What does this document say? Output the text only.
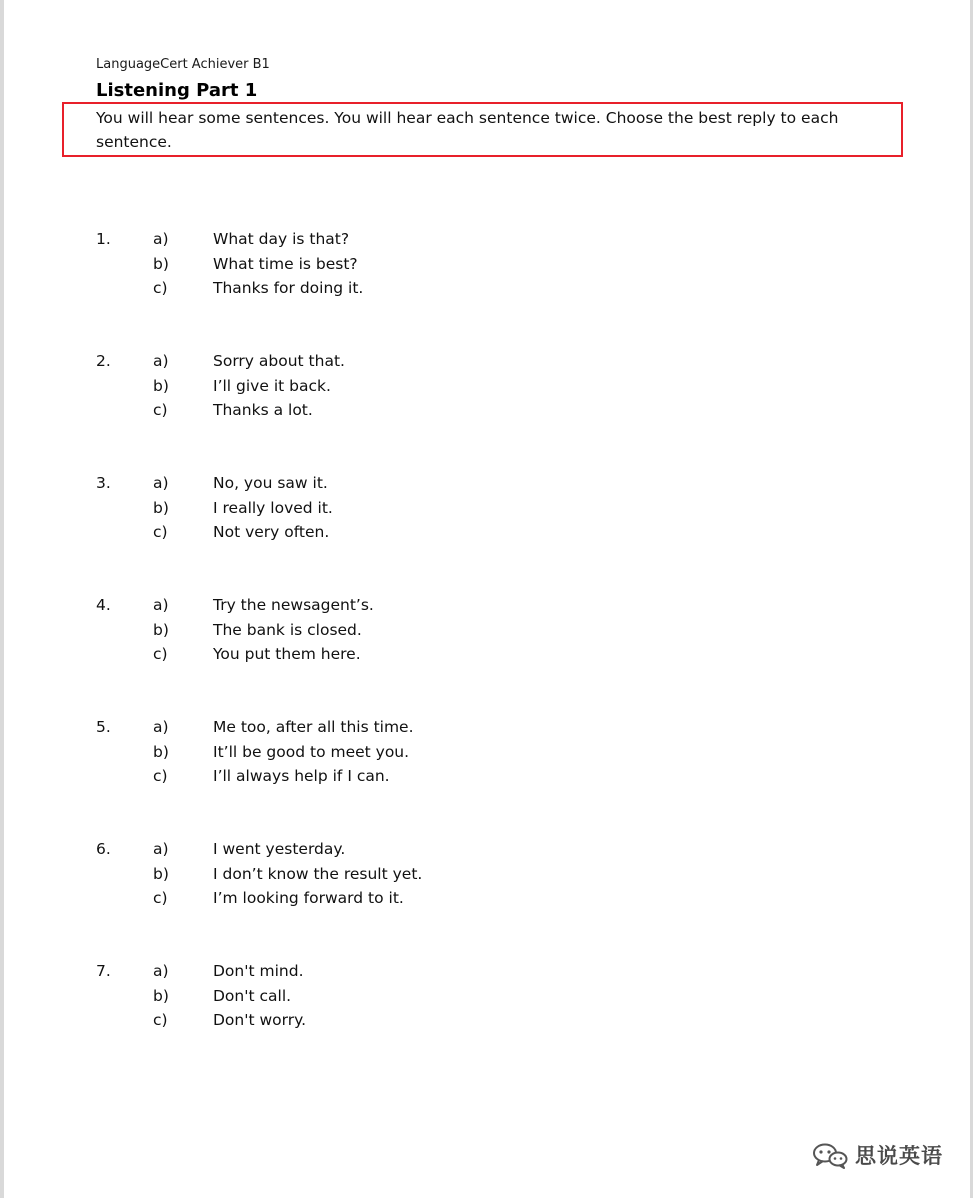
LanguageCert Achiever B1
Listening Part 1
You will hear some sentences. You will hear each sentence twice. Choose the best reply to each sentence.
1.	a)	What day is that?
b)	What time is best?
c)	Thanks for doing it.
2.	a)	Sorry about that.
b)	I’ll give it back.
c)	Thanks a lot.
3.	a)	No, you saw it.
b)	I really loved it.
c)	Not very often.
4.	a)	Try the newsagent’s.
b)	The bank is closed.
c)	You put them here.
5.	a)	Me too, after all this time.
b)	It’ll be good to meet you.
c)	I’ll always help if I can.
6.	a)	I went yesterday.
b)	I don’t know the result yet.
c)	I’m looking forward to it.
7.	a)	Don't mind.
b)	Don't call.
c)	Don't worry.
思说英语
